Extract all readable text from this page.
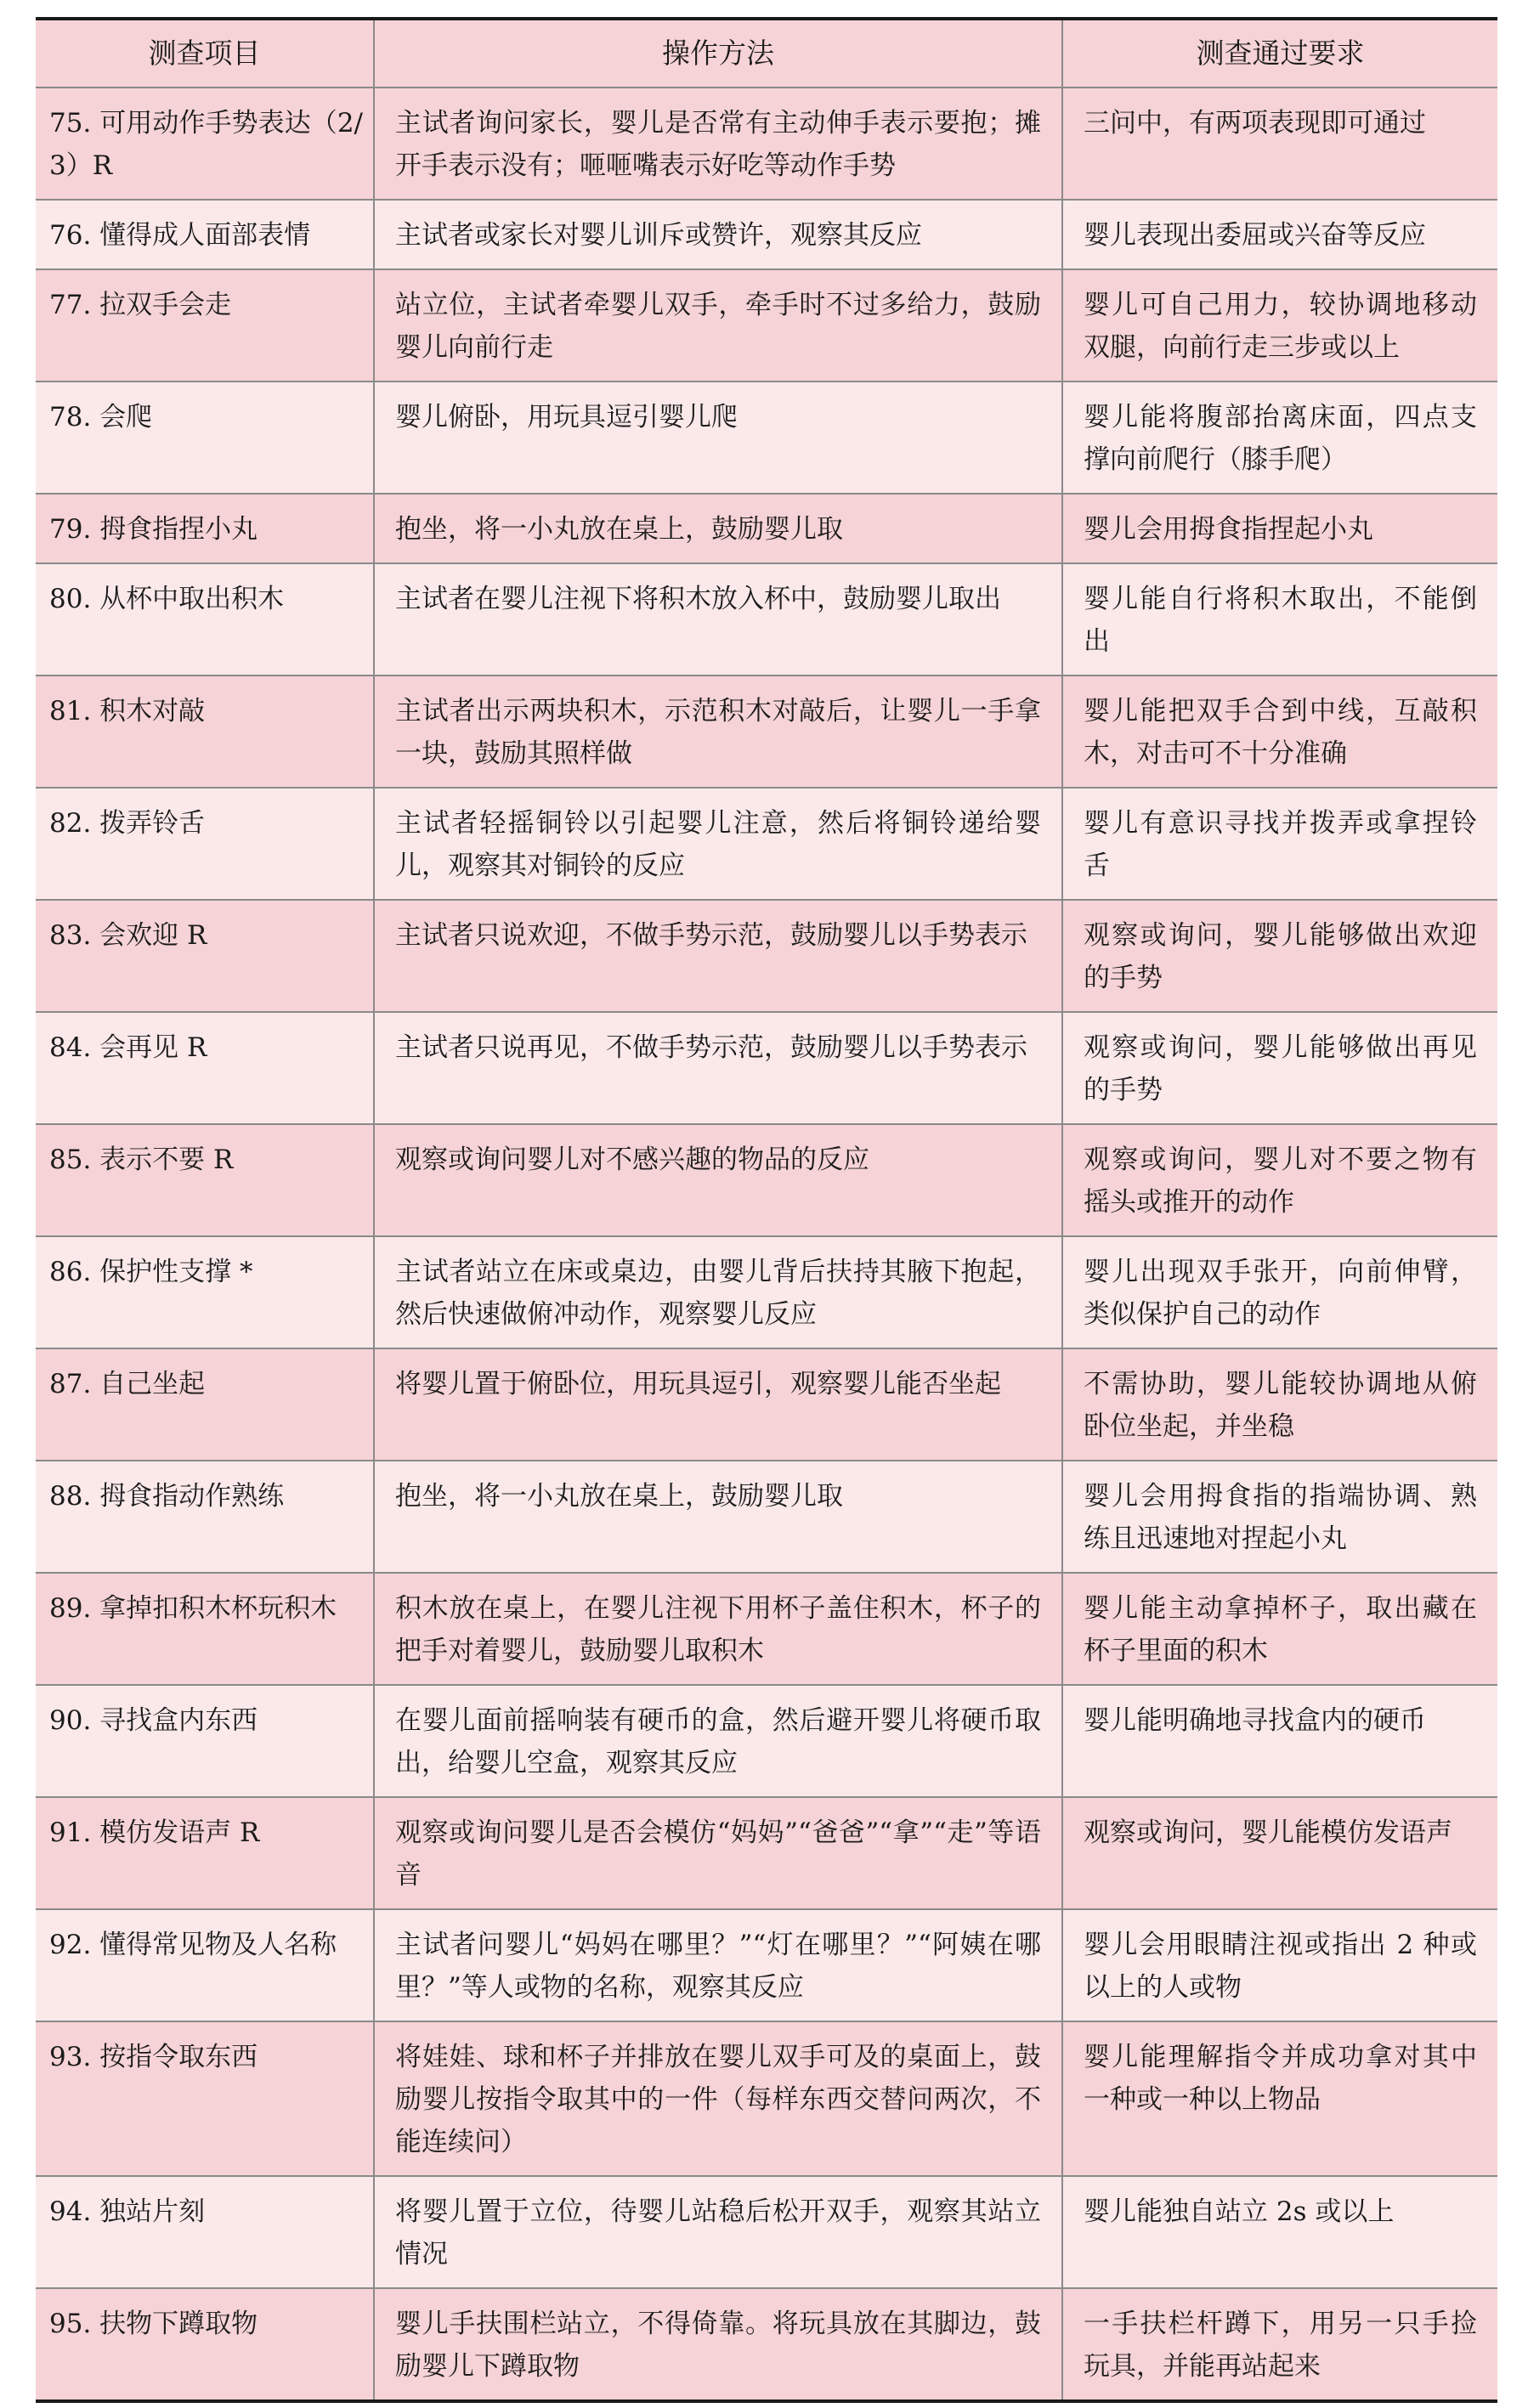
测查项目	操作方法	测查通过要求
75. 可用动作手势表达（2/3）R	主试者询问家长，婴儿是否常有主动伸手表示要抱；摊开手表示没有；咂咂嘴表示好吃等动作手势	三问中，有两项表现即可通过
76. 懂得成人面部表情	主试者或家长对婴儿训斥或赞许，观察其反应	婴儿表现出委屈或兴奋等反应
77. 拉双手会走	站立位，主试者牵婴儿双手，牵手时不过多给力，鼓励婴儿向前行走	婴儿可自己用力，较协调地移动双腿，向前行走三步或以上
78. 会爬	婴儿俯卧，用玩具逗引婴儿爬	婴儿能将腹部抬离床面，四点支撑向前爬行（膝手爬）
79. 拇食指捏小丸	抱坐，将一小丸放在桌上，鼓励婴儿取	婴儿会用拇食指捏起小丸
80. 从杯中取出积木	主试者在婴儿注视下将积木放入杯中，鼓励婴儿取出	婴儿能自行将积木取出，不能倒出
81. 积木对敲	主试者出示两块积木，示范积木对敲后，让婴儿一手拿一块，鼓励其照样做	婴儿能把双手合到中线，互敲积木，对击可不十分准确
82. 拨弄铃舌	主试者轻摇铜铃以引起婴儿注意，然后将铜铃递给婴儿，观察其对铜铃的反应	婴儿有意识寻找并拨弄或拿捏铃舌
83. 会欢迎 R	主试者只说欢迎，不做手势示范，鼓励婴儿以手势表示	观察或询问，婴儿能够做出欢迎的手势
84. 会再见 R	主试者只说再见，不做手势示范，鼓励婴儿以手势表示	观察或询问，婴儿能够做出再见的手势
85. 表示不要 R	观察或询问婴儿对不感兴趣的物品的反应	观察或询问，婴儿对不要之物有摇头或推开的动作
86. 保护性支撑 *	主试者站立在床或桌边，由婴儿背后扶持其腋下抱起，然后快速做俯冲动作，观察婴儿反应	婴儿出现双手张开，向前伸臂，类似保护自己的动作
87. 自己坐起	将婴儿置于俯卧位，用玩具逗引，观察婴儿能否坐起	不需协助，婴儿能较协调地从俯卧位坐起，并坐稳
88. 拇食指动作熟练	抱坐，将一小丸放在桌上，鼓励婴儿取	婴儿会用拇食指的指端协调、熟练且迅速地对捏起小丸
89. 拿掉扣积木杯玩积木	积木放在桌上，在婴儿注视下用杯子盖住积木，杯子的把手对着婴儿，鼓励婴儿取积木	婴儿能主动拿掉杯子，取出藏在杯子里面的积木
90. 寻找盒内东西	在婴儿面前摇响装有硬币的盒，然后避开婴儿将硬币取出，给婴儿空盒，观察其反应	婴儿能明确地寻找盒内的硬币
91. 模仿发语声 R	观察或询问婴儿是否会模仿“妈妈”“爸爸”“拿”“走”等语音	观察或询问，婴儿能模仿发语声
92. 懂得常见物及人名称	主试者问婴儿“妈妈在哪里？”“灯在哪里？”“阿姨在哪里？”等人或物的名称，观察其反应	婴儿会用眼睛注视或指出 2 种或以上的人或物
93. 按指令取东西	将娃娃、球和杯子并排放在婴儿双手可及的桌面上，鼓励婴儿按指令取其中的一件（每样东西交替问两次，不能连续问）	婴儿能理解指令并成功拿对其中一种或一种以上物品
94. 独站片刻	将婴儿置于立位，待婴儿站稳后松开双手，观察其站立情况	婴儿能独自站立 2s 或以上
95. 扶物下蹲取物	婴儿手扶围栏站立，不得倚靠。将玩具放在其脚边，鼓励婴儿下蹲取物	一手扶栏杆蹲下，用另一只手捡玩具，并能再站起来
